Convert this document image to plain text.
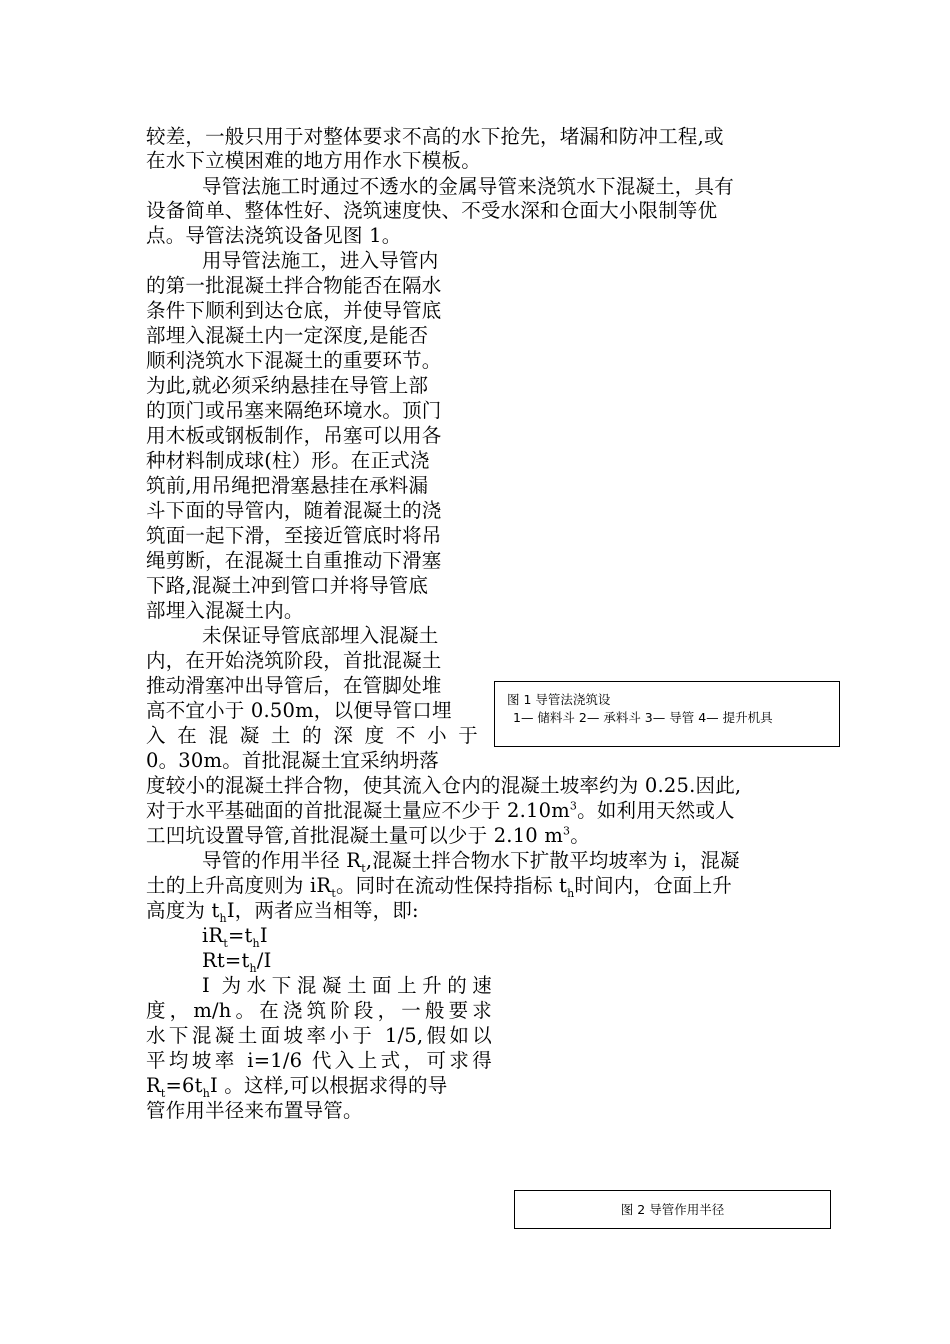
较差，一般只用于对整体要求不高的水下抢先，堵漏和防冲工程,或
在水下立模困难的地方用作水下模板。
导管法施工时通过不透水的金属导管来浇筑水下混凝土，具有
设备简单、整体性好、浇筑速度快、不受水深和仓面大小限制等优
点。导管法浇筑设备见图 1。
用导管法施工，进入导管内
的第一批混凝土拌合物能否在隔水
条件下顺利到达仓底，并使导管底
部埋入混凝土内一定深度,是能否
顺利浇筑水下混凝土的重要环节。
为此,就必须采纳悬挂在导管上部
的顶门或吊塞来隔绝环境水。顶门
用木板或钢板制作，吊塞可以用各
种材料制成球(柱）形。在正式浇
筑前,用吊绳把滑塞悬挂在承料漏
斗下面的导管内，随着混凝土的浇
筑面一起下滑，至接近管底时将吊
绳剪断，在混凝土自重推动下滑塞
下路,混凝土冲到管口并将导管底
部埋入混凝土内。
未保证导管底部埋入混凝土
内，在开始浇筑阶段，首批混凝土
推动滑塞冲出导管后，在管脚处堆
高不宜小于 0.50m，以便导管口埋
入 在 混 凝 土 的 深 度 不 小 于
0。30m。首批混凝土宜采纳坍落
度较小的混凝土拌合物，使其流入仓内的混凝土坡率约为 0.25.因此,
对于水平基础面的首批混凝土量应不少于 $2.10m^3$。如利用天然或人
工凹坑设置导管,首批混凝土量可以少于 2.10 $m^3$。
导管的作用半径 $R_t$,混凝土拌合物水下扩散平均坡率为 i，混凝
土的上升高度则为 $iR_t$。同时在流动性保持指标 $t_h$时间内，仓面上升
高度为 $t_hI$，两者应当相等，即:
$iR_t=t_hI$
$Rt=t_h/I$
I 为水下混凝土面上升的速
度，m/h。在浇筑阶段，一般要求
水下混凝土面坡率小于 1/5,假如以
平均坡率 i=1/6 代入上式，可求得
$R_t=6t_hI$ 。这样,可以根据求得的导
管作用半径来布置导管。
图 1 导管法浇筑设
1— 储料斗 2— 承料斗 3— 导管 4— 提升机具
图 2 导管作用半径
